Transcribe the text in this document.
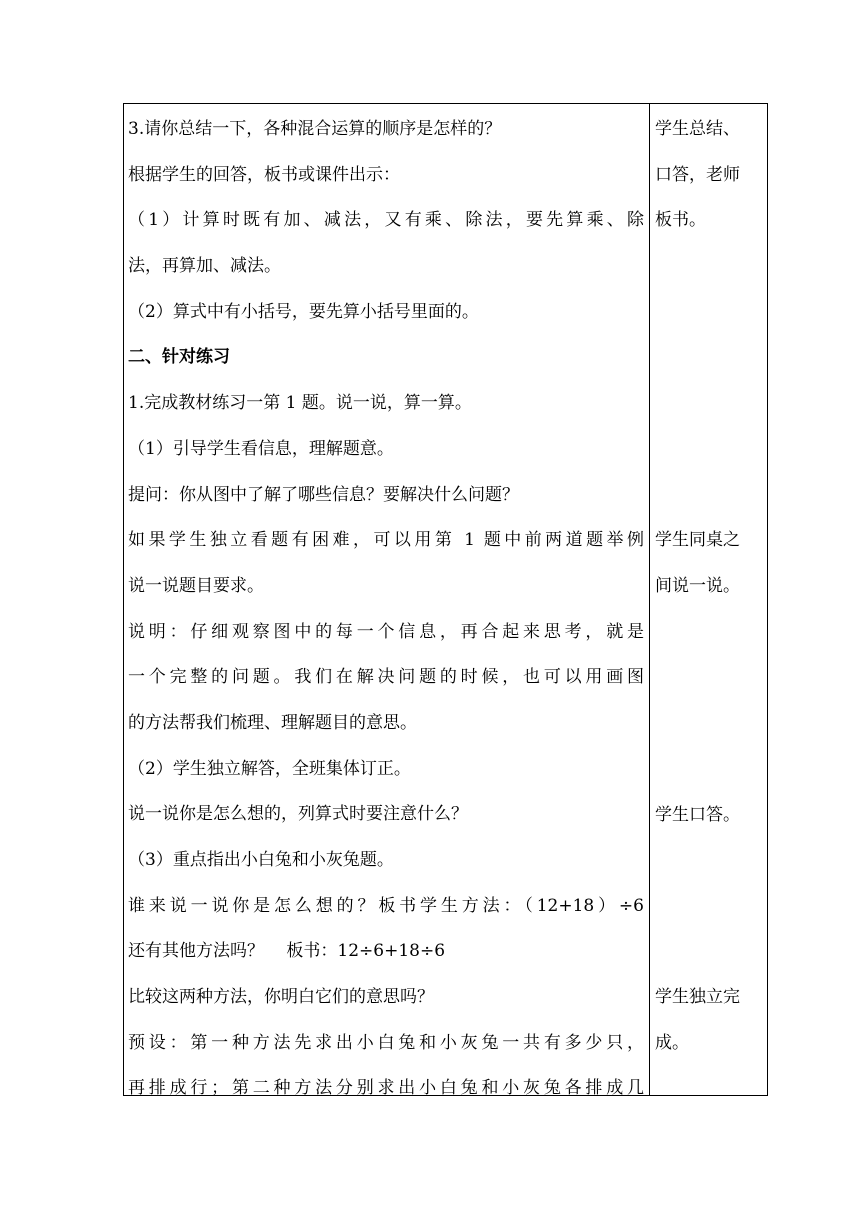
3.请你总结一下，各种混合运算的顺序是怎样的？
根据学生的回答，板书或课件出示：
（1）计算时既有加、减法，又有乘、除法，要先算乘、除
法，再算加、减法。
（2）算式中有小括号，要先算小括号里面的。
二、针对练习
1.完成教材练习一第 1 题。说一说，算一算。
（1）引导学生看信息，理解题意。
提问：你从图中了解了哪些信息？要解决什么问题？
如果学生独立看题有困难，可以用第 1 题中前两道题举例
说一说题目要求。
说明：仔细观察图中的每一个信息，再合起来思考，就是
一个完整的问题。我们在解决问题的时候，也可以用画图
的方法帮我们梳理、理解题目的意思。
（2）学生独立解答，全班集体订正。
说一说你是怎么想的，列算式时要注意什么？
（3）重点指出小白兔和小灰兔题。
谁来说一说你是怎么想的？板书学生方法：（12+18）÷6
还有其他方法吗？　 板书：12÷6+18÷6
比较这两种方法，你明白它们的意思吗？
预设：第一种方法先求出小白兔和小灰兔一共有多少只，
再排成行；第二种方法分别求出小白兔和小灰兔各排成几
学生总结、
口答，老师
板书。
学生同桌之
间说一说。
学生口答。
学生独立完
成。
